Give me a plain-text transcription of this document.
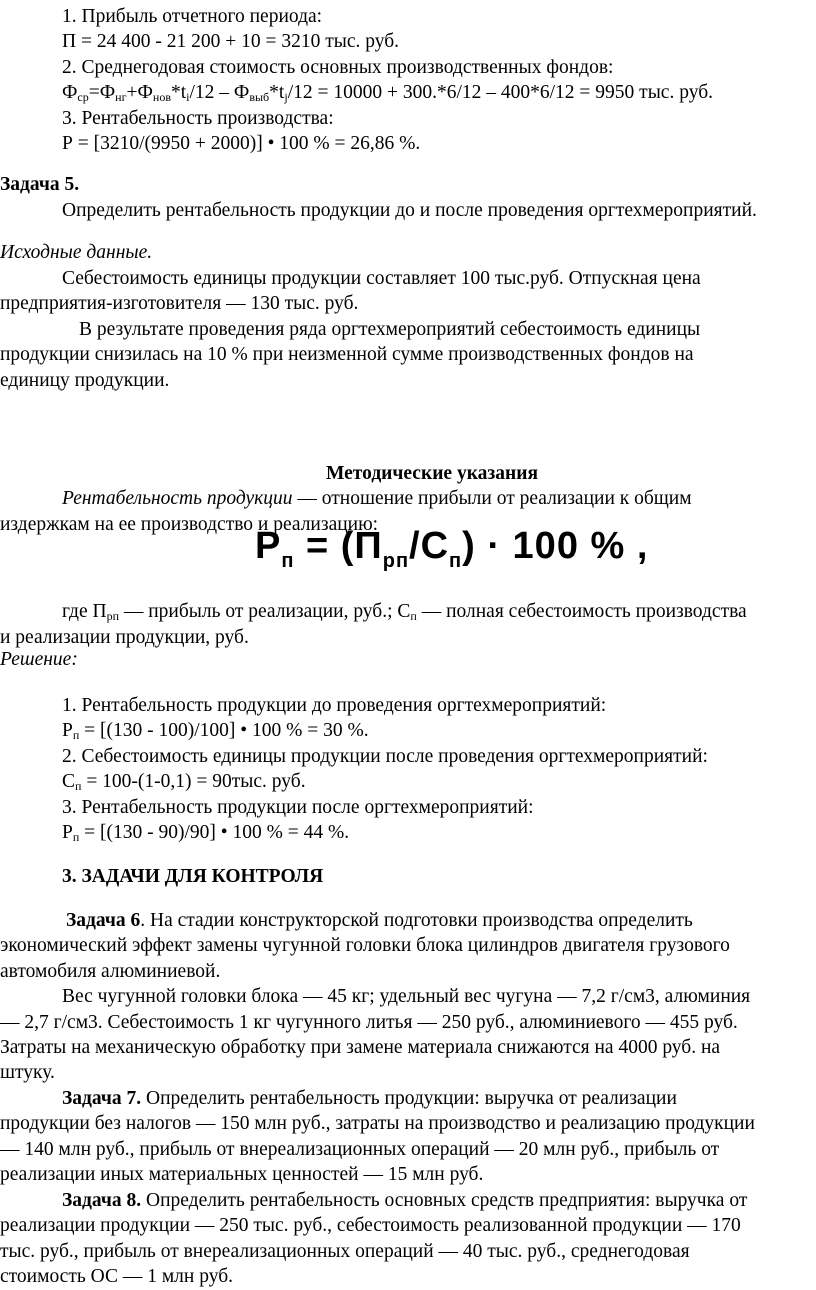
1. Прибыль отчетного периода:
П = 24 400 - 21 200 + 10 = 3210 тыс. руб.
2. Среднегодовая стоимость основных производственных фондов:
$Ф_{ср}=Ф_{нг}+Ф_{нов}*t_i/12 - Ф_{выб}*t_j/12 = 10000 + 300.*6/12 - 400*6/12 = 9950$ тыс. руб.
3. Рентабельность производства:
Р = [3210/(9950 + 2000)] • 100 % = 26,86 %.
Задача 5.
Определить рентабельность продукции до и после проведения оргтехмероприятий.
Исходные данные.
Себестоимость единицы продукции составляет 100 тыс.руб. Отпускная цена
предприятия-изготовителя — 130 тыс. руб.
В результате проведения ряда оргтехмероприятий себестоимость единицы
продукции снизилась на 10 % при неизменной сумме производственных фондов на
единицу продукции.
Методические указания
Рентабельность продукции — отношение прибыли от реализации к общим
издержкам на ее производство и реализацию:
$Р_п = (П_{рп}/С_п) \cdot 100$ % ,
где $П_{рп}$ — прибыль от реализации, руб.; $С_п$ — полная себестоимость производства
и реализации продукции, руб.
Решение:
1. Рентабельность продукции до проведения оргтехмероприятий:
$Р_п = [(130 - 100)/100]$ • 100 % = 30 %.
2. Себестоимость единицы продукции после проведения оргтехмероприятий:
$С_п = 100-(1-0,1) = 90тыс$. руб.
3. Рентабельность продукции после оргтехмероприятий:
$Р_п = [(130 - 90)/90]$ • 100 % = 44 %.
3. ЗАДАЧИ ДЛЯ КОНТРОЛЯ
Задача 6. На стадии конструкторской подготовки производства определить
экономический эффект замены чугунной головки блока цилиндров двигателя грузового
автомобиля алюминиевой.
Вес чугунной головки блока — 45 кг; удельный вес чугуна — 7,2 г/см3, алюминия
— 2,7 г/см3. Себестоимость 1 кг чугунного литья — 250 руб., алюминиевого — 455 руб.
Затраты на механическую обработку при замене материала снижаются на 4000 руб. на
штуку.
Задача 7. Определить рентабельность продукции: выручка от реализации
продукции без налогов — 150 млн руб., затраты на производство и реализацию продукции
— 140 млн руб., прибыль от внереализационных операций — 20 млн руб., прибыль от
реализации иных материальных ценностей — 15 млн руб.
Задача 8. Определить рентабельность основных средств предприятия: выручка от
реализации продукции — 250 тыс. руб., себестоимость реализованной продукции — 170
тыс. руб., прибыль от внереализационных операций — 40 тыс. руб., среднегодовая
стоимость ОС — 1 млн руб.
